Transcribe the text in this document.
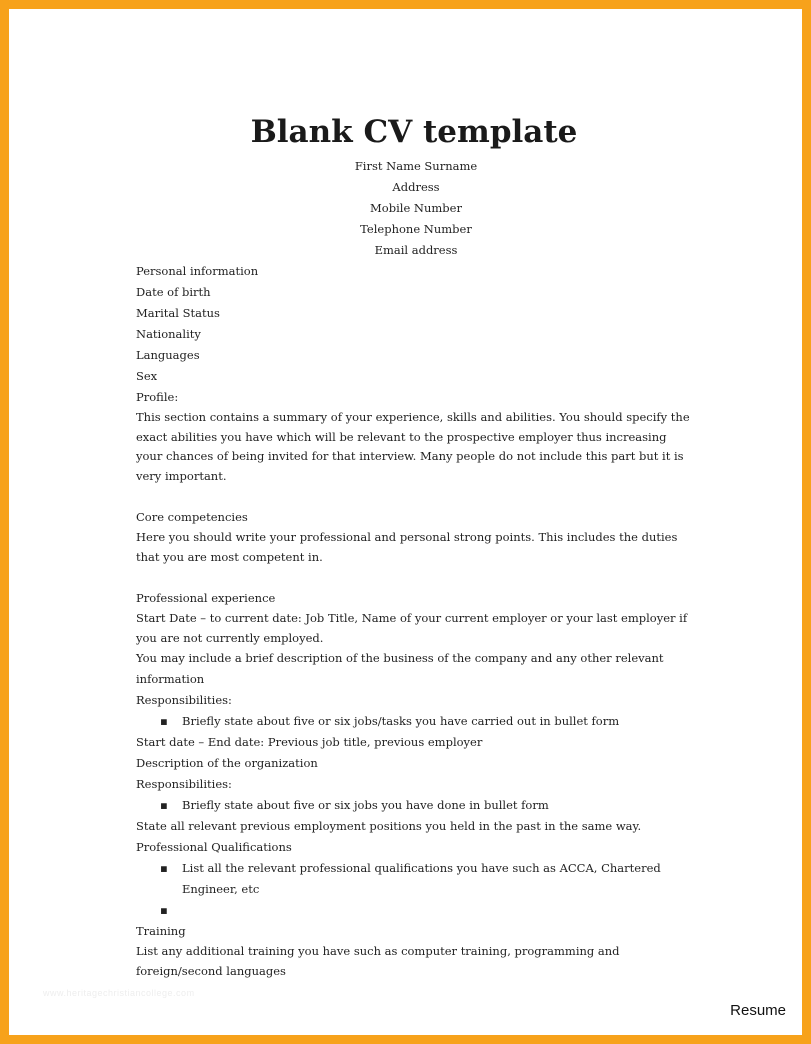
Blank CV template
First Name Surname
Address
Mobile Number
Telephone Number
Email address
Personal information
Date of birth
Marital Status
Nationality
Languages
Sex
Profile:

This section contains a summary of your experience, skills and abilities. You should specify the exact abilities you have which will be relevant to the prospective employer thus increasing your chances of being invited for that interview. Many people do not include this part but it is very important.

Core competencies

Here you should write your professional and personal strong points. This includes the duties that you are most competent in.

Professional experience

Start Date – to current date: Job Title, Name of your current employer or your last employer if you are not currently employed.

You may include a brief description of the business of the company and any other relevant information
Responsibilities:
▪ Briefly state about five or six jobs/tasks you have carried out in bullet form
Start date – End date: Previous job title, previous employer
Description of the organization
Responsibilities:
▪ Briefly state about five or six jobs you have done in bullet form
State all relevant previous employment positions you held in the past in the same way.
Professional Qualifications
▪ List all the relevant professional qualifications you have such as ACCA, Chartered Engineer, etc
▪
Training

List any additional training you have such as computer training, programming and foreign/second languages

www.heritagechristiancollege.com
Resume
